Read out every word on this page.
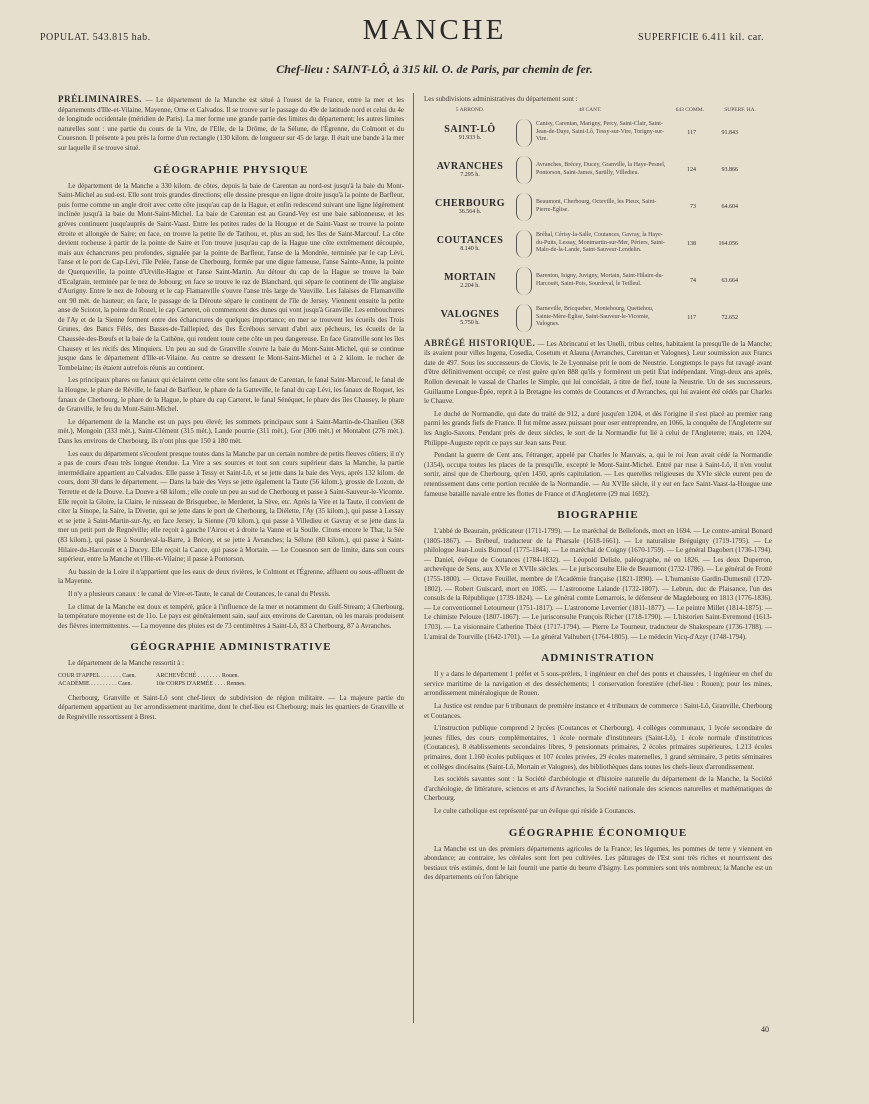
POPULAT. 543.815 hab.	MANCHE	SUPERFICIE 6.411 kil. car.
Chef-lieu : SAINT-LÔ, à 315 kil. O. de Paris, par chemin de fer.

PRÉLIMINAIRES. — Le département de la Manche est situé à l'ouest de la France, entre la mer et les départements d'Ille-et-Vilaine, Mayenne, Orne et Calvados. Il se trouve sur le passage du 49e de latitude nord et celui du 4e de longitude occidentale (méridien de Paris). La mer forme une grande partie des limites du département; les autres limites naturelles sont : une partie du cours de la Vire, de l'Elle, de la Drôme, de la Sélune, de l'Égrenne, du Colmont et du Couesnon. Il présente à peu près la forme d'un rectangle (130 kilom. de longueur sur 45 de large. Il était une bande à la mer sur laquelle il se trouve situé.

GÉOGRAPHIE PHYSIQUE

Le département de la Manche a 330 kilom. de côtes, depuis la baie de Carentan au nord-est jusqu'à la baie du Mont-Saint-Michel au sud-est. Elle sont trois grandes directions; elle dessine presque en ligne droite jusqu'à la pointe de Barfleur, puis forme comme un angle droit avec cette côte jusqu'au cap de la Hague, et enfin redescend suivant une ligne légèrement inclinée jusqu'à la baie du Mont-Saint-Michel. La baie de Carentan est au Grand-Vey est une baie sablonneuse, et les grèves continuent jusqu'auprès de Saint-Vaast. Entre les petites rades de la Hougue et de Saint-Vaast se trouve la pointe étroite et allongée de Saire; en face, on trouve la petite île de Tatihou, et, plus au sud, les îles de Saint-Marcouf. La côte devient rocheuse à partir de la pointe de Saire et l'on trouve jusqu'au cap de la Hague une côte extrêmement découpée, mais aux échancrures peu profondes, signalée par la pointe de Barfleur, l'anse de la Mondrée, terminée par le cap Lévi, l'anse et le port de Cap-Lévi, l'île Pelée, l'anse de Cherbourg, formée par une digue fameuse, l'anse Sainte-Anne, la pointe de Querqueville, la pointe d'Urville-Hague et l'anse Saint-Martin. Au détour du cap de la Hague se trouve la baie d'Ecalgrain, terminée par le nez de Jobourg; en face se trouve le raz de Blanchard, qui sépare le continent de l'île anglaise d'Aurigny. Entre le nez de Jobourg et le cap Flamanville s'ouvre l'anse très large de Vauville. Les falaises de Flamanville ont 90 mèt. de hauteur; en face, le passage de la Déroute sépare le continent de l'île de Jersey. Viennent ensuite la petite anse de Sciotot, la pointe du Rozel, le cap Carteret, où commencent des dunes qui vont jusqu'à Granville. Les embouchures de l'Ay et de la Sienne forment entre des échancrures de quelques importance; en mer se trouvent les écueils des Trois Grunes, des Bancs Félés, des Basses-de-Taillepied, des îles Écréhous servant d'abri aux pêcheurs, les écueils de la Chaussée-des-Bœufs et la baie de la Cathène, qui rendent toute cette côte un peu dangereuse. En face Granville sont les îles Chausey et les récifs des Minquiers. Un peu au sud de Granville s'ouvre la baie du Mont-Saint-Michel, qui se continue jusque dans le département d'Ille-et-Vilaine. Au centre se dressent le Mont-Saint-Michel et à 2 kilom. le rocher de Tombelaine; ils étaient autrefois réunis au continent.

Les principaux phares ou fanaux qui éclairent cette côte sont les fanaux de Carentan, le fanal Saint-Marcouf, le fanal de la Hougue, le phare de Réville, le fanal de Barfleur, le phare de la Gatteville, le fanal du cap Lévi, les fanaux de Roquet, les fanaux de Cherbourg, le phare de la Hague, le phare du cap Carteret, le fanal Sénéquet, le phare des îles Chausey, le phare de Granville, le feu du Mont-Saint-Michel.

Le département de la Manche est un pays peu élevé; les sommets principaux sont à Saint-Martin-de-Chaulieu (368 mèt.), Mongoin (333 mèt.), Saint-Clément (315 mèt.), Lande pourrie (311 mèt.), Gor (306 mèt.) et Montabot (276 mèt.). Dans les environs de Cherbourg, ils n'ont plus que 150 à 180 mèt.

Les eaux du département s'écoulent presque toutes dans la Manche par un certain nombre de petits fleuves côtiers; il n'y a pas de cours d'eau très longue étendue. La Vire a ses sources et tout son cours supérieur dans la Manche, la partie intermédiaire appartient au Calvados. Elle passe à Tessy et Saint-Lô, et se jette dans la baie des Veys, après 132 kilom. de cours, dont 30 dans le département. — Dans la baie des Veys se jette également la Taute (56 kilom.), grossie de Lozon, de Terrette et de la Douve. La Douve a 68 kilom.; elle coule un peu au sud de Cherbourg et passe à Saint-Sauveur-le-Vicomte. Elle reçoit la Gloire, la Claire, le ruisseau de Brisquebec, le Merderet, la Sève, etc. Après la Vire et la Taute, il convient de citer la Sinope, la Saire, la Divette, qui se jette dans le port de Cherbourg, la Diélette, l'Ay (35 kilom.), qui passe à Lessay et se jette à Saint-Martin-sur-Ay, en face Jersey, la Sienne (70 kilom.), qui passe à Villedieu et Gavray et se jette dans la mer un petit port de Regnéville; elle reçoit à gauche l'Airou et à droite la Vanne et la Soulle. Citons encore le Thar, la Sée (83 kilom.), qui passe à Sourdeval-la-Barre, à Brécey, et se jette à Avranches; la Sélune (80 kilom.), qui passe à Saint-Hilaire-du-Harcouët et à Ducey. Elle reçoit la Cance, qui passe à Mortain. — Le Couesnon sert de limite, dans son cours supérieur, entre la Manche et l'Ille-et-Vilaine; il passe à Pontorson.

Au bassin de la Loire il n'appartient que les eaux de deux rivières, le Colmont et l'Égrenne, affluent ou sous-affluent de la Mayenne.

Il n'y a plusieurs canaux : le canal de Vire-et-Taute, le canal de Coutances, le canal du Plessis.

Le climat de la Manche est doux et tempéré, grâce à l'influence de la mer et notamment du Gulf-Stream; à Cherbourg, la température moyenne est de 11o. Le pays est généralement sain, sauf aux environs de Carentan, où les marais produisent des fièvres intermittentes. — La moyenne des pluies est de 73 centimètres à Saint-Lô, 83 à Cherbourg, 87 à Avranches.

GÉOGRAPHIE ADMINISTRATIVE

Le département de la Manche ressortit à :

COUR D'APPEL . . . . . . . Caen.	ARCHEVÊCHÉ . . . . . . . . Rouen.
ACADÉMIE . . . . . . . . . Caen.	10e CORPS D'ARMÉE . . . . Rennes.

Cherbourg, Granville et Saint-Lô sont chef-lieux de subdivision de région militaire. — La majeure partie du département appartient au 1er arrondissement maritime, dont le chef-lieu est Cherbourg; mais les quartiers de Granville et de Regnéville ressortissent à Brest.

Les subdivisions administratives du département sont :

5 ARROND.	48 CANT.	643 COMM.	SUPERF. HA.
SAINT-LÔ
91.933 h.
Canisy, Carentan, Marigny, Percy, Saint-Clair, Saint-Jean-de-Daye, Saint-Lô, Tessy-sur-Vire, Torigny-sur-Vire.
117	91.843
AVRANCHES
7.295 h.
Avranches, Brécey, Ducey, Granville, la Haye-Pesnel, Pontorson, Saint-James, Sartilly, Villedieu.	124	93.866
CHERBOURG
36.564 h.
Beaumont, Cherbourg, Octeville, les Pieux, Saint-Pierre-Église.	73	64.604
COUTANCES
8.140 h.
Bréhal, Cérisy-la-Salle, Coutances, Gavray, la Haye-du-Puits, Lessay, Montmartin-sur-Mer, Périers, Saint-Malo-de-la-Lande, Saint-Sauveur-Lendelin.
138	164.056
MORTAIN
2.204 h.
Barenton, Isigny, Juvigny, Mortain, Saint-Hilaire-du-Harcouët, Saint-Pois, Sourdeval, le Teilleul.	74	63.664
VALOGNES
5.750 h.
Barneville, Bricquebec, Montebourg, Quettehou, Sainte-Mère-Église, Saint-Sauveur-le-Vicomte, Valognes.
117	72.652

ABRÉGÉ HISTORIQUE. — Les Abrincatui et les Unelli, tribus celtes, habitaient la presqu'île de la Manche; ils avaient pour villes Ingena, Cosedia, Cosetum et Alauna (Avranches, Carentan et Valognes). Leur soumission aux Francs date de 497. Sous les successeurs de Clovis, le 2e Lyonnaise prit le nom de Neustrie. Longtemps le pays fut ravagé avant d'être définitivement occupé; ce n'est guère qu'en 888 qu'ils y formèrent un petit État indépendant. Vingt-deux ans après, Rollon devenait le vassal de Charles le Simple, qui lui concédait, à titre de fief, toute la Neustrie. Un de ses successeurs, Guillaume Longue-Épée, reprit à la Bretagne les comtés de Coutances et d'Avranches, qui lui avaient été cédés par Charles le Chauve.

Le duché de Normandie, qui date du traité de 912, a duré jusqu'en 1204, et dès l'origine il s'est placé au premier rang parmi les grands fiefs de France. Il fut même assez puissant pour oser entreprendre, en 1066, la conquête de l'Angleterre sur les Anglo-Saxons. Pendant près de deux siècles, le sort de la Normandie fut lié à celui de l'Angleterre; mais, en 1204, Philippe-Auguste reprit ce pays sur Jean sans Peur.

Pendant la guerre de Cent ans, l'étranger, appelé par Charles le Mauvais, a, qui le roi Jean avait cédé la Normandie (1354), occupa toutes les places de la presqu'île, excepté le Mont-Saint-Michel. Entré par ruse à Saint-Lô, il n'en voulut sortir, ainsi que de Cherbourg, qu'en 1450, après capitulation. — Les querelles religieuses du XVIe siècle eurent peu de retentissement dans cette portion reculée de la Normandie. — Au XVIIe siècle, il y eut en face Saint-Vaast-la-Hougue une fameuse bataille navale entre les flottes de France et d'Angleterre (29 mai 1692).

BIOGRAPHIE

L'abbé de Beaurain, prédicateur (1711-1799). — Le maréchal de Bellefonds, mort en 1694. — Le contre-amiral Bonard (1805-1867). — Brébeuf, traducteur de la Pharsale (1618-1661). — Le naturaliste Bréguigny (1719-1795). — Le philologue Jean-Louis Burnouf (1775-1844). — Le maréchal de Coigny (1670-1759). — Le général Dagobert (1736-1794). — Daniel, évêque de Coutances (1784-1832). — Léopold Delisle, paléographe, né en 1826. — Les deux Duperron, archevêque de Sens, aux XVIe et XVIIe siècles. — Le jurisconsulte Elie de Beaumont (1732-1786). — Le général de Frotté (1755-1800). — Octave Feuillet, membre de l'Académie française (1821-1890). — L'humaniste Gardin-Dumesnil (1720-1802). — Robert Guiscard, mort en 1085. — L'astronome Lalande (1732-1807). — Lebrun, duc de Plaisance, l'un des consuls de la République (1739-1824). — Le général comte Lemarrois, le défenseur de Magdebourg en 1813 (1776-1836). — Le conventionnel Letourneur (1751-1817). — L'astronome Leverrier (1811-1877). — Le peintre Millet (1814-1875). — Le chimiste Pelouze (1807-1867). — Le jurisconsulte François Richer (1718-1790). — L'historien Saint-Evremond (1613-1703). — La visionnaire Catherine Théot (1717-1794). — Pierre Le Tourneur, traducteur de Shakespeare (1736-1788). — L'amiral de Tourville (1642-1701). — Le général Valhubert (1764-1805). — Le médecin Vicq-d'Azyr (1748-1794).

ADMINISTRATION

Il y a dans le département 1 préfet et 5 sous-préfets, 1 ingénieur en chef des ponts et chaussées, 1 ingénieur en chef du service maritime de la navigation et des desséchements; 1 conservation forestière (chef-lieu : Rouen); pour les mines, arrondissement minéralogique de Rouen.

La Justice est rendue par 6 tribunaux de première instance et 4 tribunaux de commerce : Saint-Lô, Granville, Cherbourg et Coutances.

L'instruction publique comprend 2 lycées (Coutances et Cherbourg), 4 collèges communaux, 1 lycée secondaire de jeunes filles, des cours complémentaires, 1 école normale d'instituteurs (Saint-Lô), 1 école normale d'institutrices (Coutances), 8 établissements secondaires libres, 9 pensionnats primaires, 2 écoles primaires supérieures, 1.213 écoles primaires, dont 1.160 écoles publiques et 107 écoles privées, 29 écoles maternelles, 1 grand séminaire, 3 petits séminaires et collèges diocésains (Saint-Lô, Mortain et Valognes), des bibliothèques dans toutes les chefs-lieux d'arrondissement.

Les sociétés savantes sont : la Société d'archéologie et d'histoire naturelle du département de la Manche, la Société d'archéologie, de littérature, sciences et arts d'Avranches, la Société nationale des sciences naturelles et mathématiques de Cherbourg.

Le culte catholique est représenté par un évêque qui réside à Coutances.

GÉOGRAPHIE ÉCONOMIQUE

La Manche est un des premiers départements agricoles de la France; les légumes, les pommes de terre y viennent en abondance; au contraire, les céréales sont fort peu cultivées. Les pâturages de l'Est sont très riches et nourrissent des bestiaux très estimés, dont le lait fournit une partie du beurre d'Isigny. Les pommiers sont très nombreux; la Manche est un des départements où l'on fabrique

40
